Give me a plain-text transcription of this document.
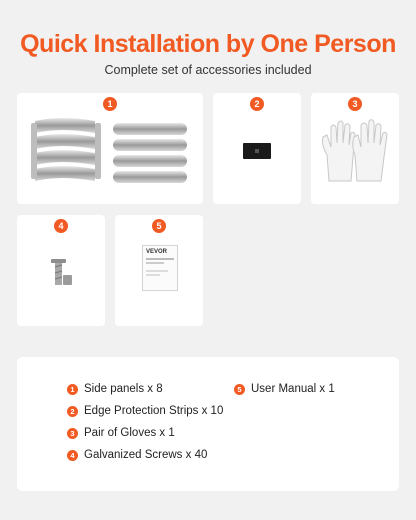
Quick Installation by One Person
Complete set of accessories included
1	2	3
4	5
VEVOR
1 Side panels x 8
2 Edge Protection Strips x 10
3 Pair of Gloves x 1
4 Galvanized Screws x 40
5 User Manual x 1
